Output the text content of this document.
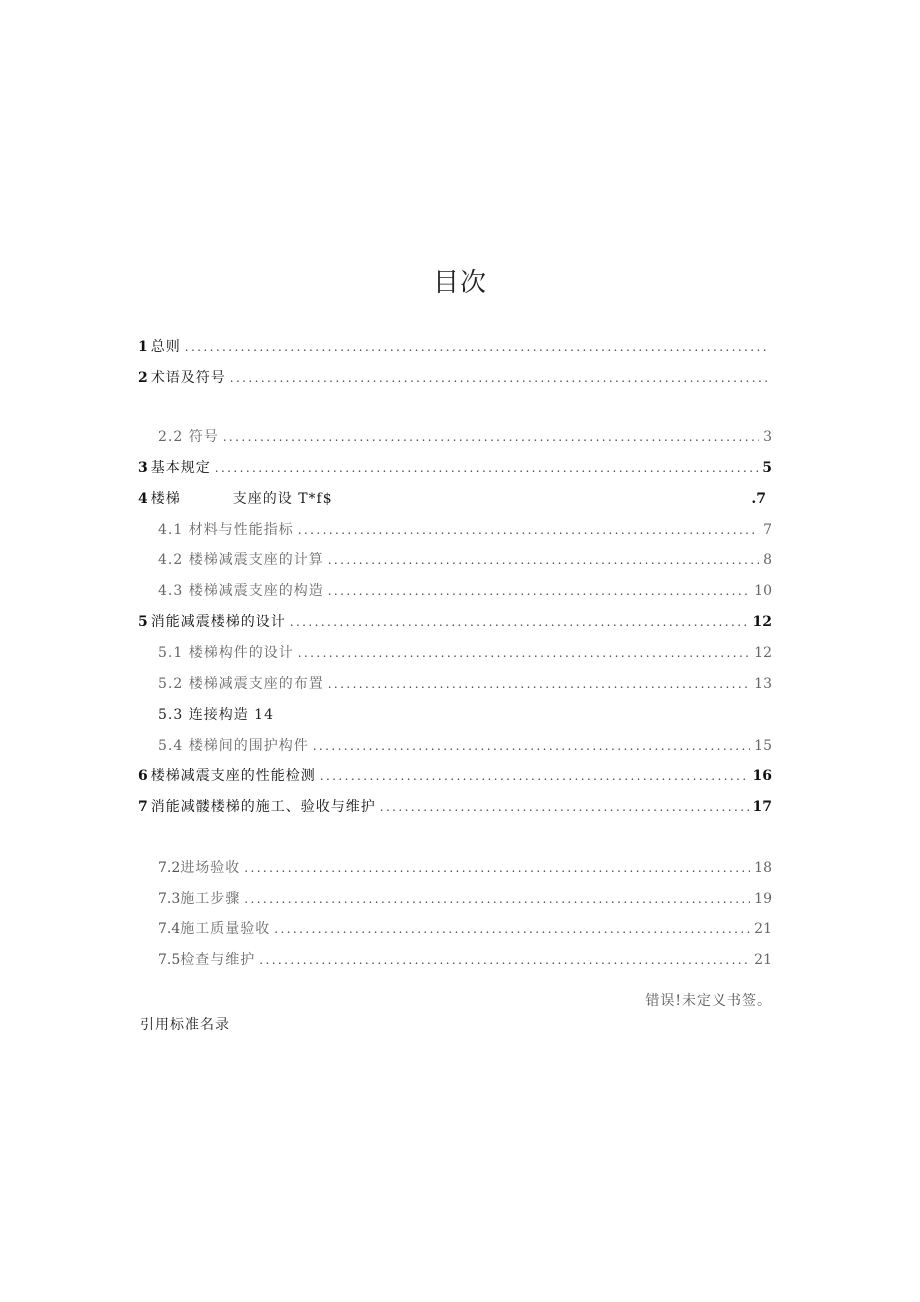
目次
1 总则
.....
2 术语及符号
.....
2.2 符号 .....	3
3 基本规定 .....	5
4 楼梯	支座的设 T*f$	.7
4.1 材料与性能指标 .....	7
4.2 楼梯减震支座的计算 .....	8
4.3 楼梯减震支座的构造 .....	10
5 消能减震楼梯的设计 .....	12
5.1 楼梯构件的设计 .....	12
5.2 楼梯减震支座的布置 .....	13
5.3 连接构造 14
5.4 楼梯间的围护构件 .....	15
6 楼梯减震支座的性能检测 .....	16
7 消能减髅楼梯的施工、验收与维护 .....	17
7.2 进场验收 .....	18
7.3 施工步骤 .....	19
7.4 施工质量验收 .....	21
7.5 检查与维护 .....	21
错误!未定义书签。
引用标准名录
